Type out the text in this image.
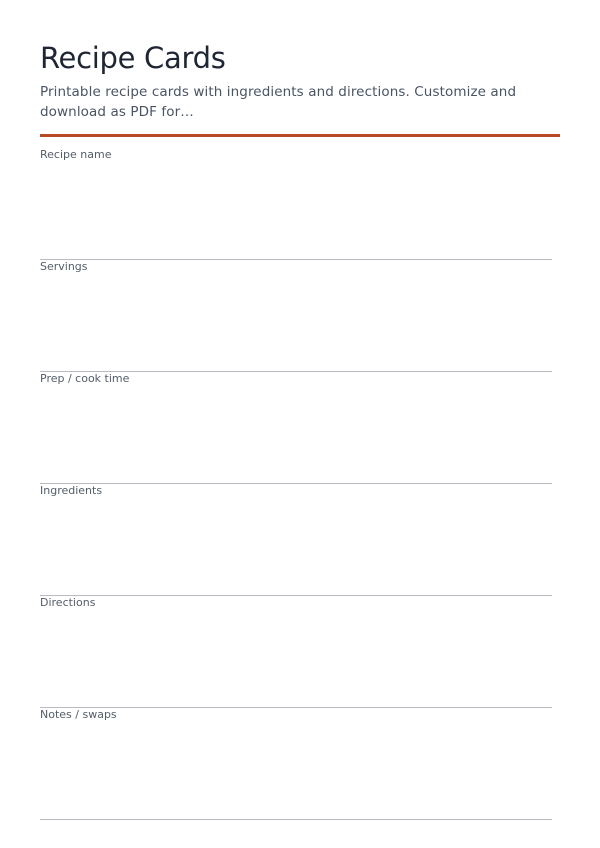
Recipe Cards

Printable recipe cards with ingredients and directions. Customize and download as PDF for…

Recipe name
Servings
Prep / cook time
Ingredients
Directions
Notes / swaps
